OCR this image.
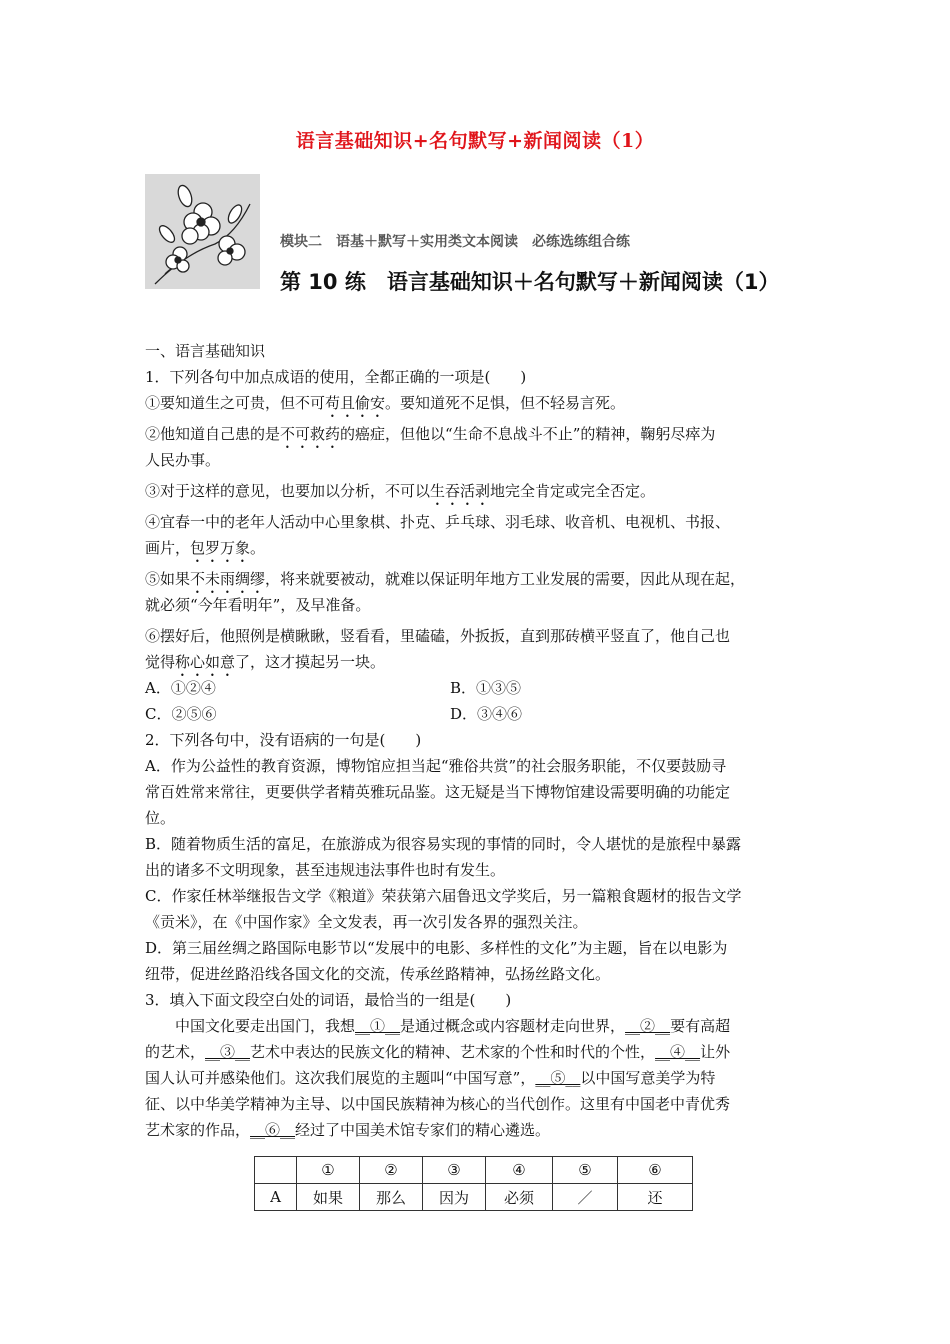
语言基础知识+名句默写+新闻阅读（1）
模块二　语基＋默写＋实用类文本阅读　必练选练组合练
第 10 练　语言基础知识＋名句默写＋新闻阅读（1）
一、语言基础知识
1．下列各句中加点成语的使用，全都正确的一项是(　　)
①要知道生之可贵，但不可苟且偷安。要知道死不足惧，但不轻易言死。
②他知道自己患的是不可救药的癌症，但他以“生命不息战斗不止”的精神，鞠躬尽瘁为
人民办事。
③对于这样的意见，也要加以分析，不可以生吞活剥地完全肯定或完全否定。
④宜春一中的老年人活动中心里象棋、扑克、乒乓球、羽毛球、收音机、电视机、书报、
画片，包罗万象。
⑤如果不未雨绸缪，将来就要被动，就难以保证明年地方工业发展的需要，因此从现在起，
就必须“今年看明年”，及早准备。
⑥摆好后，他照例是横瞅瞅，竖看看，里磕磕，外扳扳，直到那砖横平竖直了，他自己也
觉得称心如意了，这才摸起另一块。
A．①②④	B．①③⑤
C．②⑤⑥	D．③④⑥
2．下列各句中，没有语病的一句是(　　)
A．作为公益性的教育资源，博物馆应担当起“雅俗共赏”的社会服务职能，不仅要鼓励寻
常百姓常来常往，更要供学者精英雅玩品鉴。这无疑是当下博物馆建设需要明确的功能定
位。
B．随着物质生活的富足，在旅游成为很容易实现的事情的同时，令人堪忧的是旅程中暴露
出的诸多不文明现象，甚至违规违法事件也时有发生。
C．作家任林举继报告文学《粮道》荣获第六届鲁迅文学奖后，另一篇粮食题材的报告文学
《贡米》，在《中国作家》全文发表，再一次引发各界的强烈关注。
D．第三届丝绸之路国际电影节以“发展中的电影、多样性的文化”为主题，旨在以电影为
纽带，促进丝路沿线各国文化的交流，传承丝路精神，弘扬丝路文化。
3．填入下面文段空白处的词语，最恰当的一组是(　　)
中国文化要走出国门，我想__①__是通过概念或内容题材走向世界，__②__要有高超
的艺术，__③__艺术中表达的民族文化的精神、艺术家的个性和时代的个性，__④__让外
国人认可并感染他们。这次我们展览的主题叫“中国写意”，__⑤__以中国写意美学为特
征、以中华美学精神为主导、以中国民族精神为核心的当代创作。这里有中国老中青优秀
艺术家的作品，__⑥__经过了中国美术馆专家们的精心遴选。
	①	②	③	④	⑤	⑥
A	如果	那么	因为	必须	／	还
